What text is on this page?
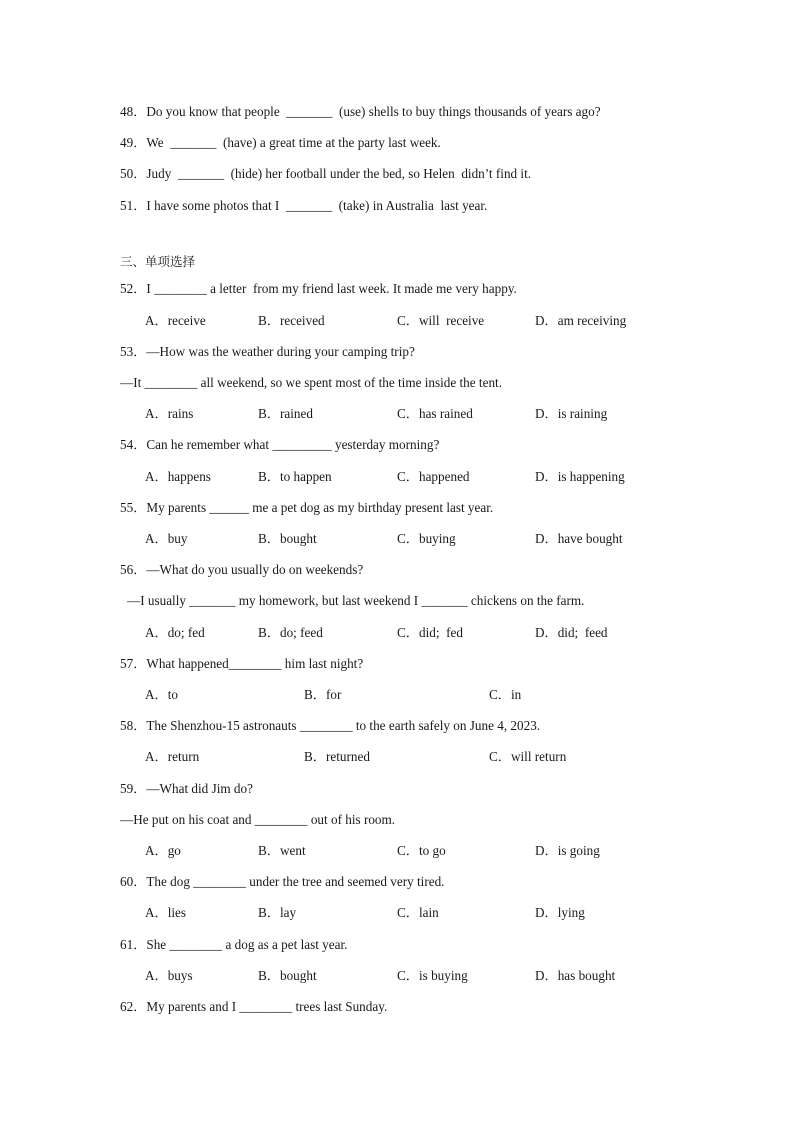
48．Do you know that people  _______  (use) shells to buy things thousands of years ago?
49．We  _______  (have) a great time at the party last week.
50．Judy  _______  (hide) her football under the bed, so Helen  didn’t find it.
51．I have some photos that I  _______  (take) in Australia  last year.
三、单项选择
52．I ________ a letter  from my friend last week. It made me very happy.
A．receive	B．received	C．will  receive	D．am receiving
53．—How was the weather during your camping trip?
—It ________ all weekend, so we spent most of the time inside the tent.
A．rains	B．rained	C．has rained	D．is raining
54．Can he remember what _________ yesterday morning?
A．happens	B．to happen	C．happened	D．is happening
55．My parents ______ me a pet dog as my birthday present last year.
A．buy	B．bought	C．buying	D．have bought
56．—What do you usually do on weekends?
—I usually _______ my homework, but last weekend I _______ chickens on the farm.
A．do; fed	B．do; feed	C．did;  fed	D．did;  feed
57．What happened________ him last night?
A．to	B．for	C．in
58．The Shenzhou-15 astronauts ________ to the earth safely on June 4, 2023.
A．return	B．returned	C．will return
59．—What did Jim do?
—He put on his coat and ________ out of his room.
A．go	B．went	C．to go	D．is going
60．The dog ________ under the tree and seemed very tired.
A．lies	B．lay	C．lain	D．lying
61．She ________ a dog as a pet last year.
A．buys	B．bought	C．is buying	D．has bought
62．My parents and I ________ trees last Sunday.
